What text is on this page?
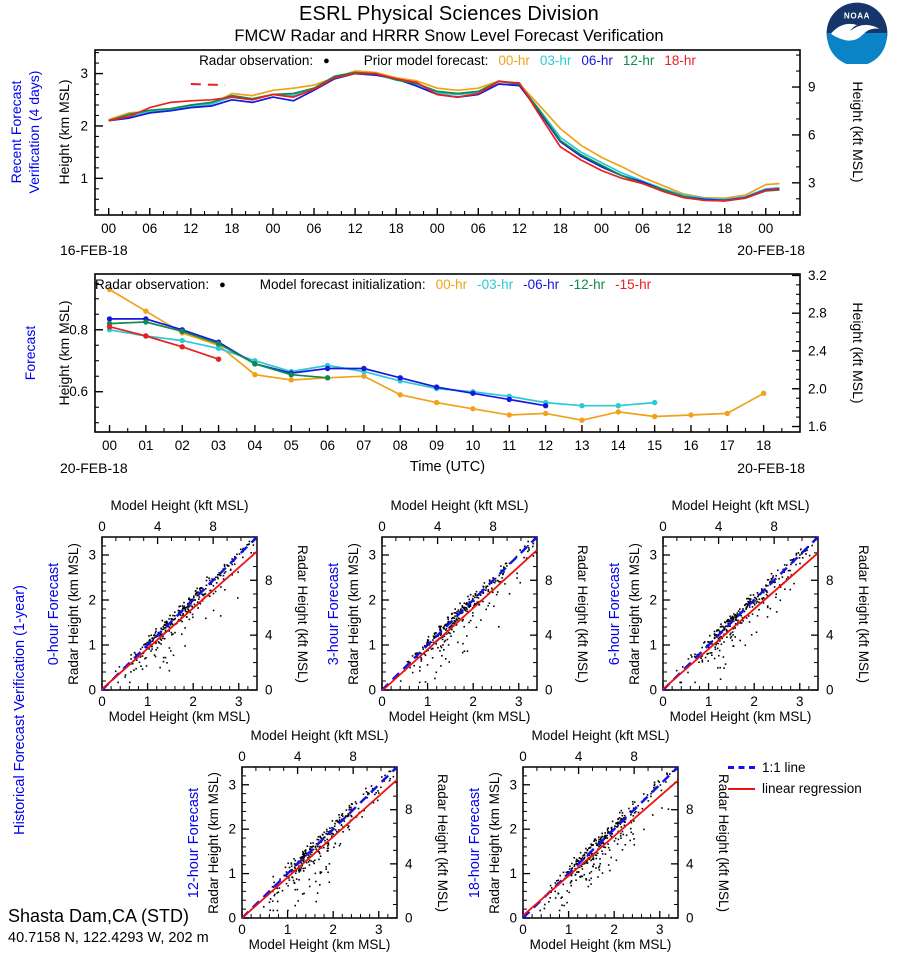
00 06 12 18 00 06 12 18 00 06 12 18 00 06 12 18 00
1
2
3
3
6
9
00 01 02 03 04 05 06 07 08 09 10 11 12 13 14 15 16 17 18
0.6
0.8
1.6
2.0
2.4
2.8
3.2
0
0
1
1
2
2
3
3
0
0
4
4
8
8
0
0
1
1
2
2
3
3
0
0
4
4
8
8
0
0
1
1
2
2
3
3
0
0
4
4
8
8
0
0
1
1
2
2
3
3
0
0
4
4
8
8
0
0
1
1
2
2
3
3
0
0
4
4
8
8
ESRL Physical Sciences Division
FMCW Radar and HRRR Snow Level Forecast Verification
NOAA
Recent Forecast Verification (4 days) Height (km MSL)	Height (kft MSL)
Radar observation: ●	Prior model forecast: 00-hr 03-hr 06-hr 12-hr 18-hr
16-FEB-18	20-FEB-18
Forecast Height (km MSL)	Height (kft MSL)
Radar observation: ●	Model forecast initialization: 00-hr -03-hr -06-hr -12-hr -15-hr
20-FEB-18	20-FEB-18
Time (UTC)
Historical Forecast Verification (1-year)	1:1 line
linear regression
Shasta Dam,CA (STD)
40.7158 N, 122.4293 W, 202 m
Model Height (kft MSL)
Model Height (km MSL)
0-hour Forecast Radar Height (km MSL)	Radar Height (kft MSL)
Model Height (kft MSL)
Model Height (km MSL)
3-hour Forecast Radar Height (km MSL)	Radar Height (kft MSL)
Model Height (kft MSL)
Model Height (km MSL)
6-hour Forecast Radar Height (km MSL)	Radar Height (kft MSL)
Model Height (kft MSL)
Model Height (km MSL)
12-hour Forecast Radar Height (km MSL)	Radar Height (kft MSL)
Model Height (kft MSL)
Model Height (km MSL)
18-hour Forecast Radar Height (km MSL)	Radar Height (kft MSL)
